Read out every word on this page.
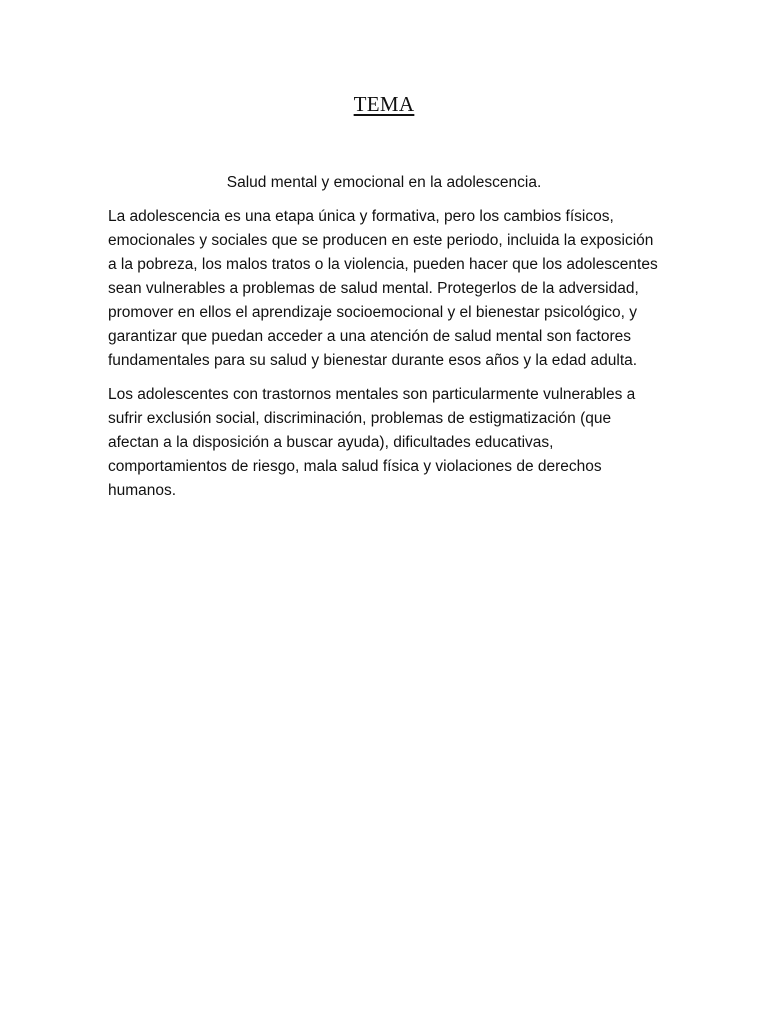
TEMA

Salud mental y emocional en la adolescencia.

La adolescencia es una etapa única y formativa, pero los cambios físicos, emocionales y sociales que se producen en este periodo, incluida la exposición a la pobreza, los malos tratos o la violencia, pueden hacer que los adolescentes sean vulnerables a problemas de salud mental. Protegerlos de la adversidad, promover en ellos el aprendizaje socioemocional y el bienestar psicológico, y garantizar que puedan acceder a una atención de salud mental son factores fundamentales para su salud y bienestar durante esos años y la edad adulta.

Los adolescentes con trastornos mentales son particularmente vulnerables a sufrir exclusión social, discriminación, problemas de estigmatización (que afectan a la disposición a buscar ayuda), dificultades educativas, comportamientos de riesgo, mala salud física y violaciones de derechos humanos.
